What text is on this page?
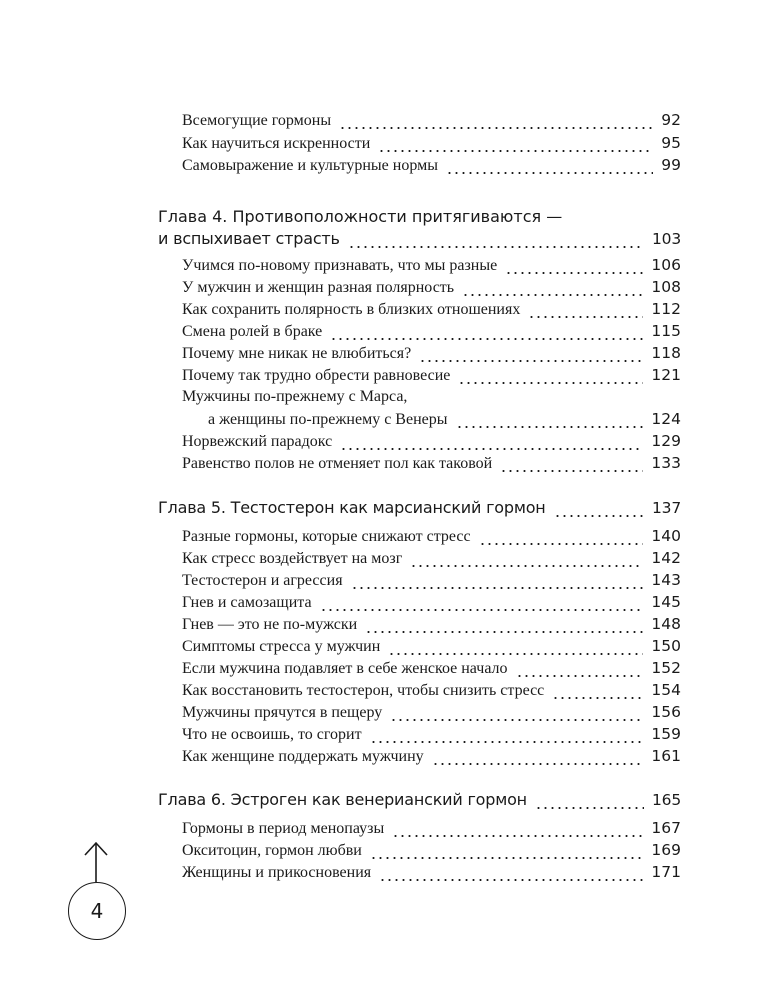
Всемогущие гормоны	92
Как научиться искренности	95
Самовыражение и культурные нормы	99
Глава 4. Противоположности притягиваются —
и вспыхивает страсть	103
Учимся по-новому признавать, что мы разные	106
У мужчин и женщин разная полярность	108
Как сохранить полярность в близких отношениях	112
Смена ролей в браке	115
Почему мне никак не влюбиться?	118
Почему так трудно обрести равновесие	121
Мужчины по-прежнему с Марса,
а женщины по-прежнему с Венеры	124
Норвежский парадокс	129
Равенство полов не отменяет пол как таковой	133
Глава 5. Тестостерон как марсианский гормон	137
Разные гормоны, которые снижают стресс	140
Как стресс воздействует на мозг	142
Тестостерон и агрессия	143
Гнев и самозащита	145
Гнев — это не по-мужски	148
Симптомы стресса у мужчин	150
Если мужчина подавляет в себе женское начало	152
Как восстановить тестостерон, чтобы снизить стресс	154
Мужчины прячутся в пещеру	156
Что не освоишь, то сгорит	159
Как женщине поддержать мужчину	161
Глава 6. Эстроген как венерианский гормон	165
Гормоны в период менопаузы	167
Окситоцин, гормон любви	169
Женщины и прикосновения	171
4
